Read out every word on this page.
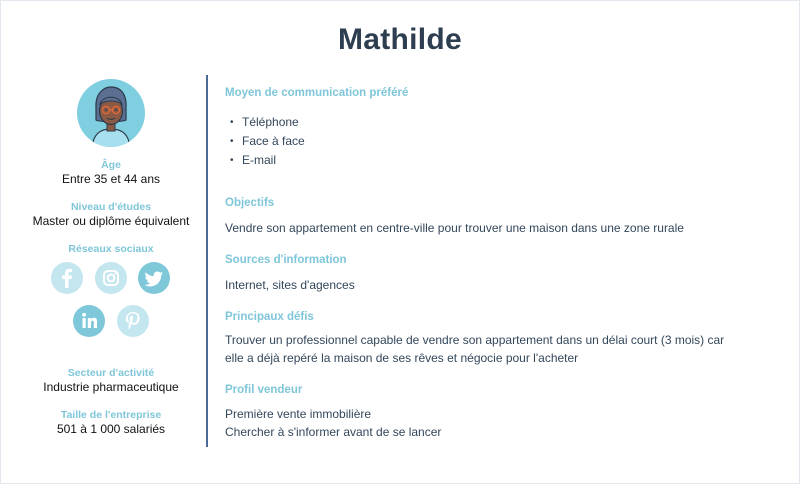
Mathilde
Âge
Entre 35 et 44 ans
Niveau d'études
Master ou diplôme équivalent
Réseaux sociaux
Secteur d'activité
Industrie pharmaceutique
Taille de l'entreprise
501 à 1 000 salariés

Moyen de communication préféré

• Téléphone
• Face à face
• E-mail

Objectifs

Vendre son appartement en centre-ville pour trouver une maison dans une zone rurale

Sources d'information

Internet, sites d'agences

Principaux défis

Trouver un professionnel capable de vendre son appartement dans un délai court (3 mois) car

elle a déjà repéré la maison de ses rêves et négocie pour l'acheter

Profil vendeur

Première vente immobilière

Chercher à s'informer avant de se lancer
